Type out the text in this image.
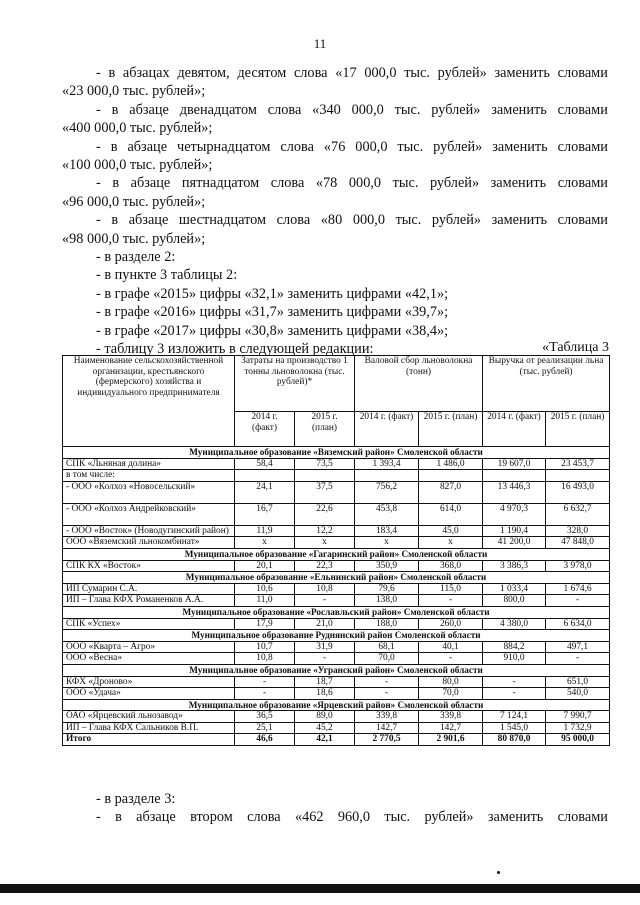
11
- в абзацах девятом, десятом слова «17 000,0 тыс. рублей» заменить словами
«23 000,0 тыс. рублей»;
- в абзаце двенадцатом слова «340 000,0 тыс. рублей» заменить словами
«400 000,0 тыс. рублей»;
- в абзаце четырнадцатом слова «76 000,0 тыс. рублей» заменить словами
«100 000,0 тыс. рублей»;
- в абзаце пятнадцатом слова «78 000,0 тыс. рублей» заменить словами
«96 000,0 тыс. рублей»;
- в абзаце шестнадцатом слова «80 000,0 тыс. рублей» заменить словами
«98 000,0 тыс. рублей»;
- в разделе 2:
- в пункте 3 таблицы 2:
- в графе «2015» цифры «32,1» заменить цифрами «42,1»;
- в графе «2016» цифры «31,7» заменить цифрами «39,7»;
- в графе «2017» цифры «30,8» заменить цифрами «38,4»;
- таблицу 3 изложить в следующей редакции:	«Таблица 3
Наименование сельскохозяйственной организации, крестьянского (фермерского) хозяйства и индивидуального предпринимателя	Затраты на производство 1 тонны льноволокна (тыс. рублей)*		Валовой сбор льноволокна (тонн)		Выручка от реализации льна (тыс. рублей)	
	2014 г. (факт)	2015 г. (план)	2014 г. (факт)	2015 г. (план)	2014 г. (факт)	2015 г. (план)
Муниципальное образование «Вяземский район» Смоленской области						
СПК «Льняная долина»	58,4	73,5	1 393,4	1 486,0	19 607,0	23 453,7
в том числе:						
- ООО «Колхоз «Новосельский»	24,1	37,5	756,2	827,0	13 446,3	16 493,0
- ООО «Колхоз Андрейковский»	16,7	22,6	453,8	614,0	4 970,3	6 632,7
- ООО «Восток» (Новодугинский район)	11,9	12,2	183,4	45,0	1 190,4	328,0
ООО «Вяземский льнокомбинат»	х	х	х	х	41 200,0	47 848,0
Муниципальное образование «Гагаринский район» Смоленской области						
СПК КХ «Восток»	20,1	22,3	350,9	368,0	3 386,3	3 978,0
Муниципальное образование «Ельнинский район» Смоленской области						
ИП Сумарин С.А.	10,6	10,8	79,6	115,0	1 033,4	1 674,6
ИП – Глава КФХ Романенков А.А.	11,0	-	138,0	-	800,0	-
Муниципальное образование «Рославльский район» Смоленской области						
СПК «Успех»	17,9	21,0	188,0	260,0	4 380,0	6 634,0
Муниципальное образование Руднянский район Смоленской области						
ООО «Кварта – Агро»	10,7	31,9	68,1	40,1	884,2	497,1
ООО «Весна»	10,8	-	70,0	-	910,0	-
Муниципальное образование «Угранский район» Смоленской области						
КФХ «Дроново»	-	18,7	-	80,0	-	651,0
ООО «Удача»	-	18,6	-	70,0	-	540,0
Муниципальное образование «Ярцевский район» Смоленской области						
ОАО «Ярцевский льнозавод»	36,5	89,0	339,8	339,8	7 124,1	7 990,7
ИП – Глава КФХ Сальников В.П.	25,1	45,2	142,7	142,7	1 545,0	1 732,9
Итого	46,6	42,1	2 770,5	2 901,6	80 870,0	95 000,0
- в разделе 3:
- в абзаце втором слова «462 960,0 тыс. рублей» заменить словами
